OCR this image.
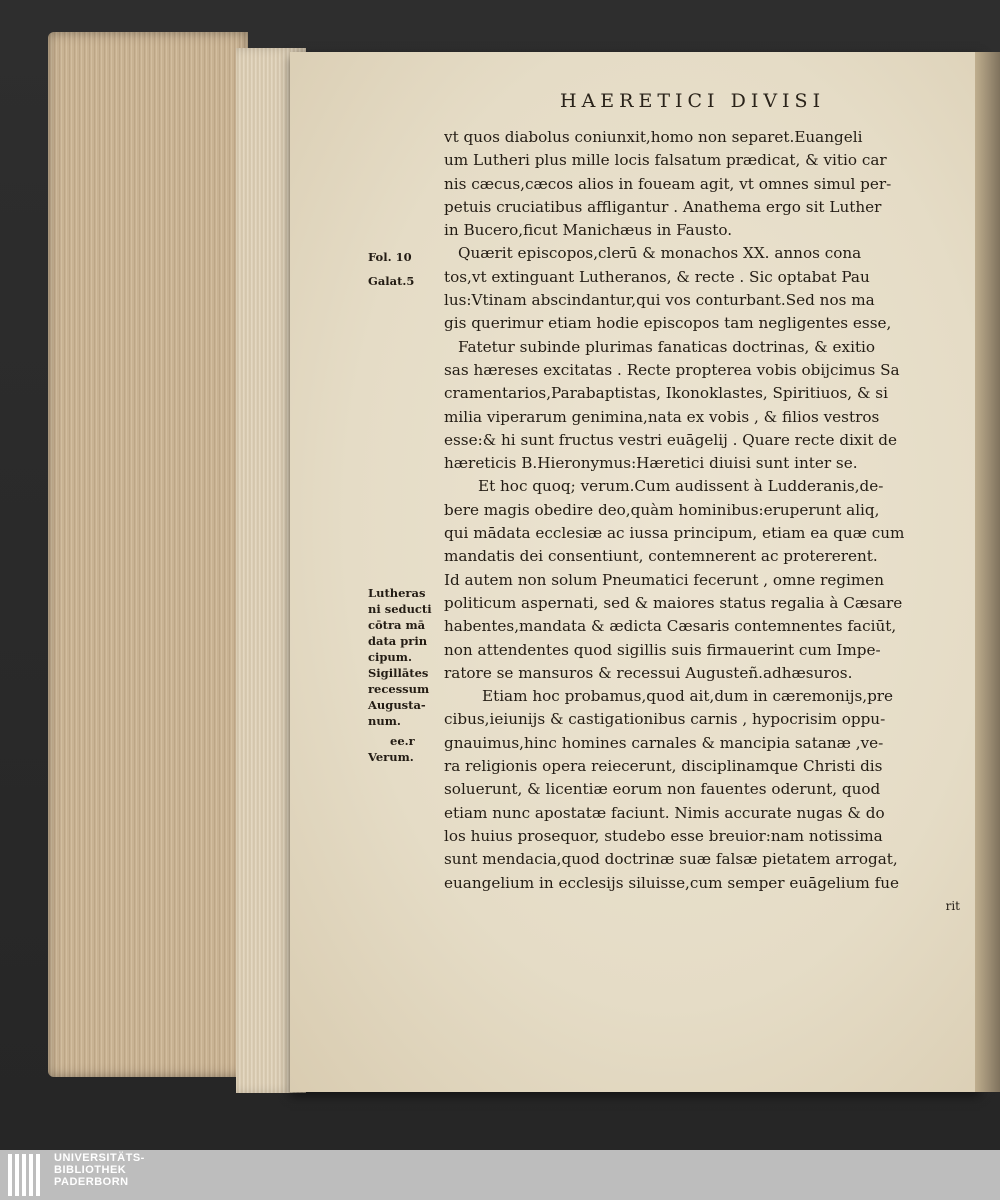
HAERETICI DIVISI
vt quos diabolus coniunxit,homo non separet.Euangeli
um Lutheri plus mille locis falsatum prædicat, & vitio car
nis cæcus,cæcos alios in foueam agit, vt omnes simul per-
petuis cruciatibus affligantur . Anathema ergo sit Luther
in Bucero,ficut Manichæus in Fausto.
Quærit episcopos,clerū & monachos XX. annos cona
tos,vt extinguant Lutheranos, & recte . Sic optabat Pau
lus:Vtinam abscindantur,qui vos conturbant.Sed nos ma
gis querimur etiam hodie episcopos tam negligentes esse,
Fatetur subinde plurimas fanaticas doctrinas, & exitio
sas hæreses excitatas . Recte propterea vobis obijcimus Sa
cramentarios,Parabaptistas, Ikonoklastes, Spiritiuos, & si
milia viperarum genimina,nata ex vobis , & filios vestros
esse:& hi sunt fructus vestri euāgelij . Quare recte dixit de
hæreticis B.Hieronymus:Hæretici diuisi sunt inter se.
Et hoc quoq; verum.Cum audissent à Ludderanis,de-
bere magis obedire deo,quàm hominibus:eruperunt aliq,
qui mādata ecclesiæ ac iussa principum, etiam ea quæ cum
mandatis dei consentiunt, contemnerent ac protererent.
Id autem non solum Pneumatici fecerunt , omne regimen
politicum aspernati, sed & maiores status regalia à Cæsare
habentes,mandata & ædicta Cæsaris contemnentes faciūt,
non attendentes quod sigillis suis firmauerint cum Impe-
ratore se mansuros & recessui Augusteñ.adhæsuros.
Etiam hoc probamus,quod ait,dum in cæremonijs,pre
cibus,ieiunijs & castigationibus carnis , hypocrisim oppu-
gnauimus,hinc homines carnales & mancipia satanæ ,ve-
ra religionis opera reiecerunt, disciplinamque Christi dis
soluerunt, & licentiæ eorum non fauentes oderunt, quod
etiam nunc apostatæ faciunt. Nimis accurate nugas & do
los huius prosequor, studebo esse breuior:nam notissima
sunt mendacia,quod doctrinæ suæ falsæ pietatem arrogat,
euangelium in ecclesijs siluisse,cum semper euāgelium fue
rit
Fol. 10
Galat.5
Lutheras
ni seducti
cōtra mā
data prin
cipum.
Sigillātes
recessum
Augusta-
num.
ee.r
Verum.
UNIVERSITÄTS-
BIBLIOTHEK
PADERBORN
